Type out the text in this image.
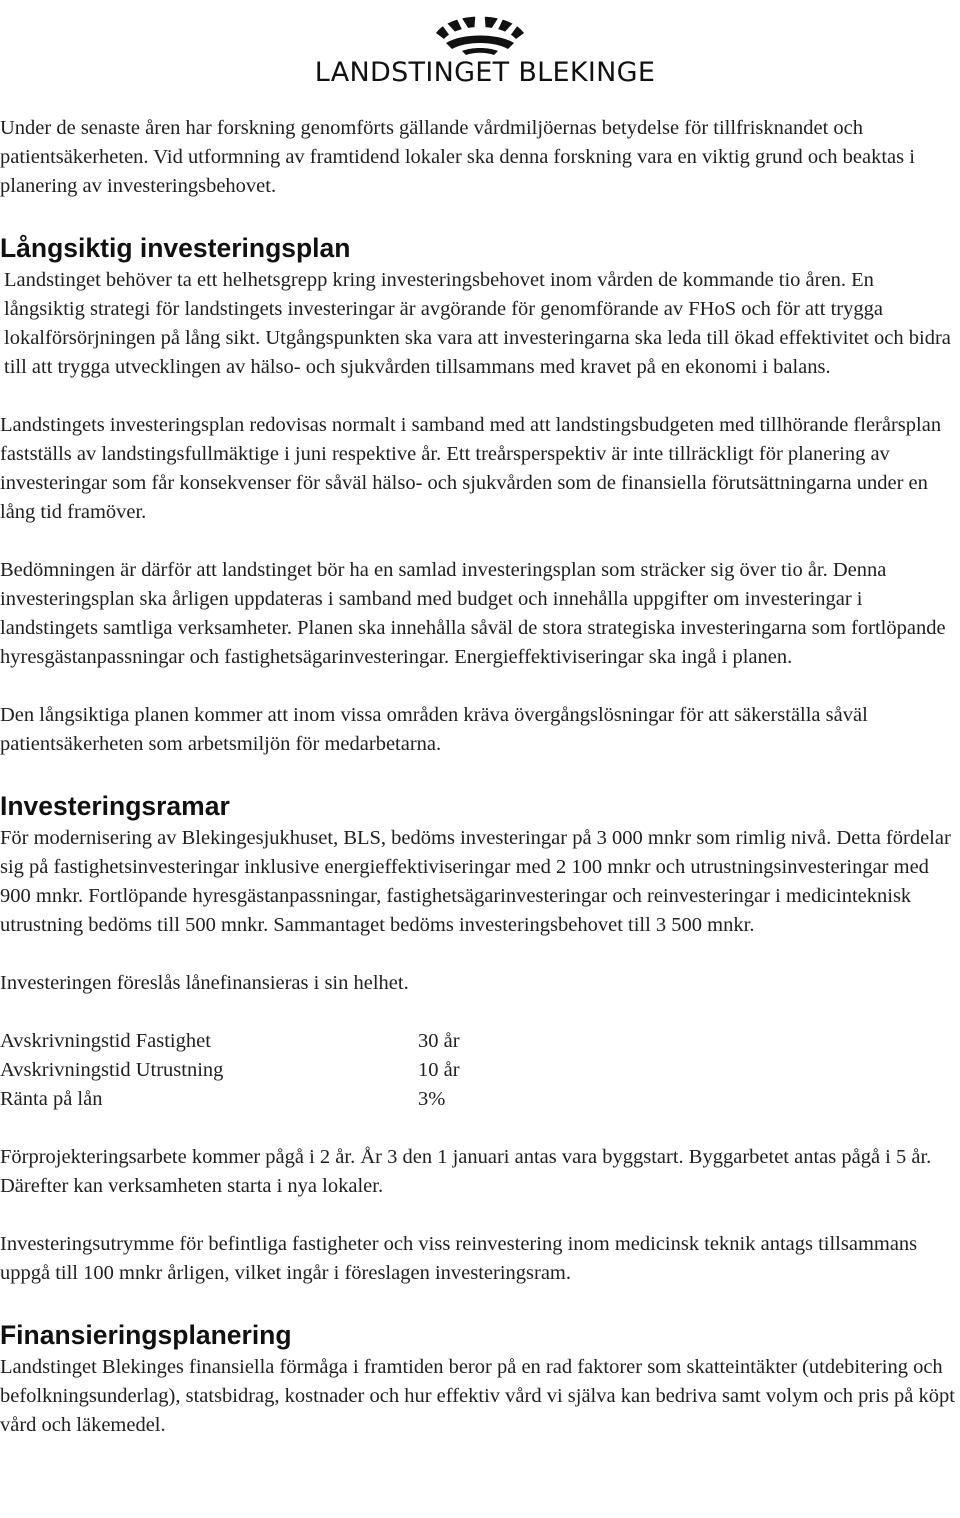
LANDSTINGET BLEKINGE

Under de senaste åren har forskning genomförts gällande vårdmiljöernas betydelse för tillfrisknandet och patientsäkerheten. Vid utformning av framtidend lokaler ska denna forskning vara en viktig grund och beaktas i planering av investeringsbehovet.

Långsiktig investeringsplan

Landstinget behöver ta ett helhetsgrepp kring investeringsbehovet inom vården de kommande tio åren. En långsiktig strategi för landstingets investeringar är avgörande för genomförande av FHoS och för att trygga lokalförsörjningen på lång sikt. Utgångspunkten ska vara att investeringarna ska leda till ökad effektivitet och bidra till att trygga utvecklingen av hälso- och sjukvården tillsammans med kravet på en ekonomi i balans.

Landstingets investeringsplan redovisas normalt i samband med att landstingsbudgeten med tillhörande flerårsplan fastställs av landstingsfullmäktige i juni respektive år. Ett treårsperspektiv är inte tillräckligt för planering av investeringar som får konsekvenser för såväl hälso- och sjukvården som de finansiella förutsättningarna under en lång tid framöver.

Bedömningen är därför att landstinget bör ha en samlad investeringsplan som sträcker sig över tio år. Denna investeringsplan ska årligen uppdateras i samband med budget och innehålla uppgifter om investeringar i landstingets samtliga verksamheter. Planen ska innehålla såväl de stora strategiska investeringarna som fortlöpande hyresgästanpassningar och fastighetsägarinvesteringar. Energieffektiviseringar ska ingå i planen.

Den långsiktiga planen kommer att inom vissa områden kräva övergångslösningar för att säkerställa såväl patientsäkerheten som arbetsmiljön för medarbetarna.

Investeringsramar

För modernisering av Blekingesjukhuset, BLS, bedöms investeringar på 3 000 mnkr som rimlig nivå. Detta fördelar sig på fastighetsinvesteringar inklusive energieffektiviseringar med 2 100 mnkr och utrustningsinvesteringar med 900 mnkr. Fortlöpande hyresgästanpassningar, fastighetsägarinvesteringar och reinvesteringar i medicinteknisk utrustning bedöms till 500 mnkr. Sammantaget bedöms investeringsbehovet till 3 500 mnkr.

Investeringen föreslås lånefinansieras i sin helhet.

Avskrivningstid Fastighet	30 år
Avskrivningstid Utrustning	10 år
Ränta på lån	3%

Förprojekteringsarbete kommer pågå i 2 år. År 3 den 1 januari antas vara byggstart. Byggarbetet antas pågå i 5 år. Därefter kan verksamheten starta i nya lokaler.

Investeringsutrymme för befintliga fastigheter och viss reinvestering inom medicinsk teknik antags tillsammans uppgå till 100 mnkr årligen, vilket ingår i föreslagen investeringsram.

Finansieringsplanering

Landstinget Blekinges finansiella förmåga i framtiden beror på en rad faktorer som skatteintäkter (utdebitering och befolkningsunderlag), statsbidrag, kostnader och hur effektiv vård vi själva kan bedriva samt volym och pris på köpt vård och läkemedel.
